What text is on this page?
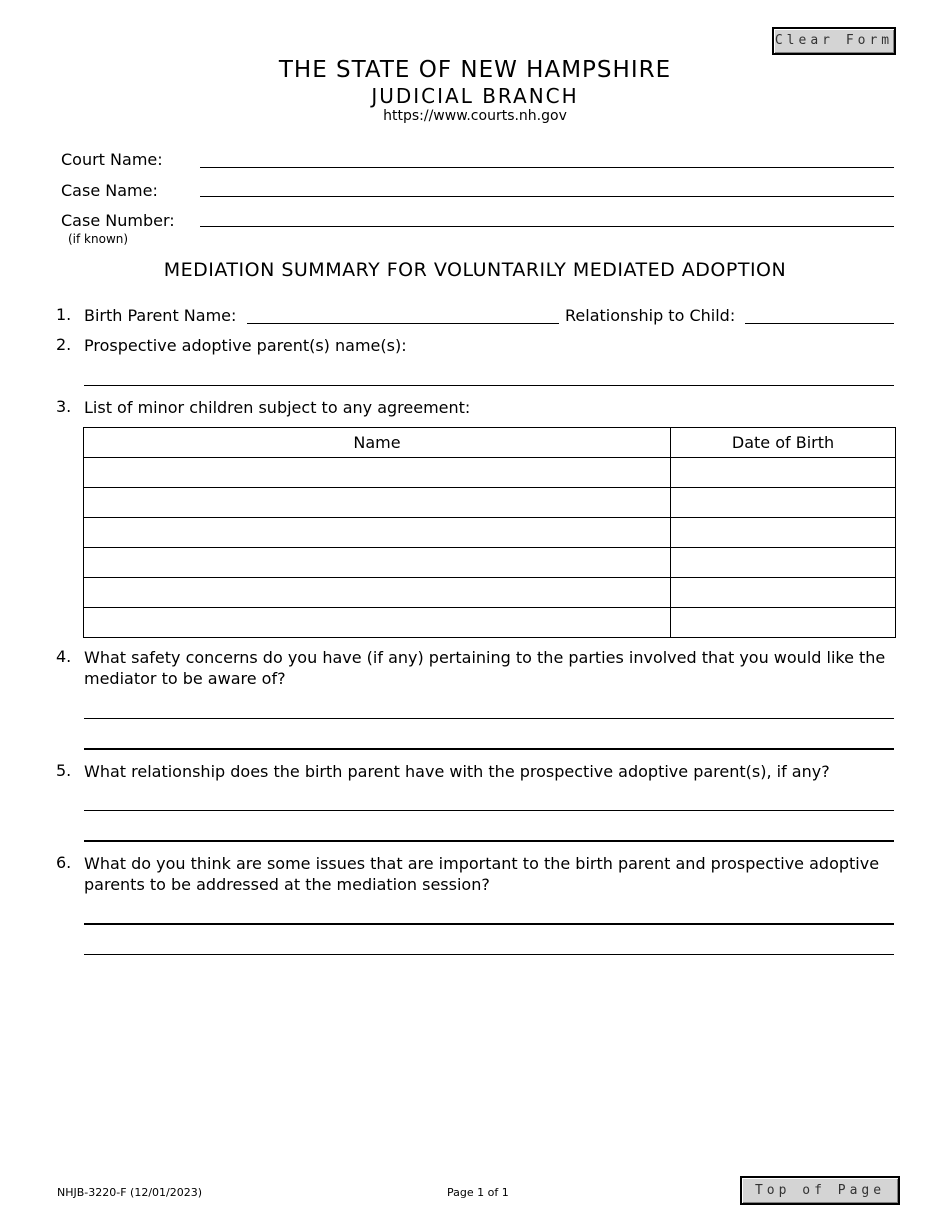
Clear Form
THE STATE OF NEW HAMPSHIRE
JUDICIAL BRANCH
https://www.courts.nh.gov
Court Name:
Case Name:
Case Number:
(if known)
MEDIATION SUMMARY FOR VOLUNTARILY MEDIATED ADOPTION
1. Birth Parent Name:	Relationship to Child:
2. Prospective adoptive parent(s) name(s):
3. List of minor children subject to any agreement:
Name	Date of Birth

4. What safety concerns do you have (if any) pertaining to the parties involved that you would like the mediator to be aware of?
5. What relationship does the birth parent have with the prospective adoptive parent(s), if any?
6. What do you think are some issues that are important to the birth parent and prospective adoptive parents to be addressed at the mediation session?
NHJB-3220-F (12/01/2023)	Page 1 of 1	Top of Page
